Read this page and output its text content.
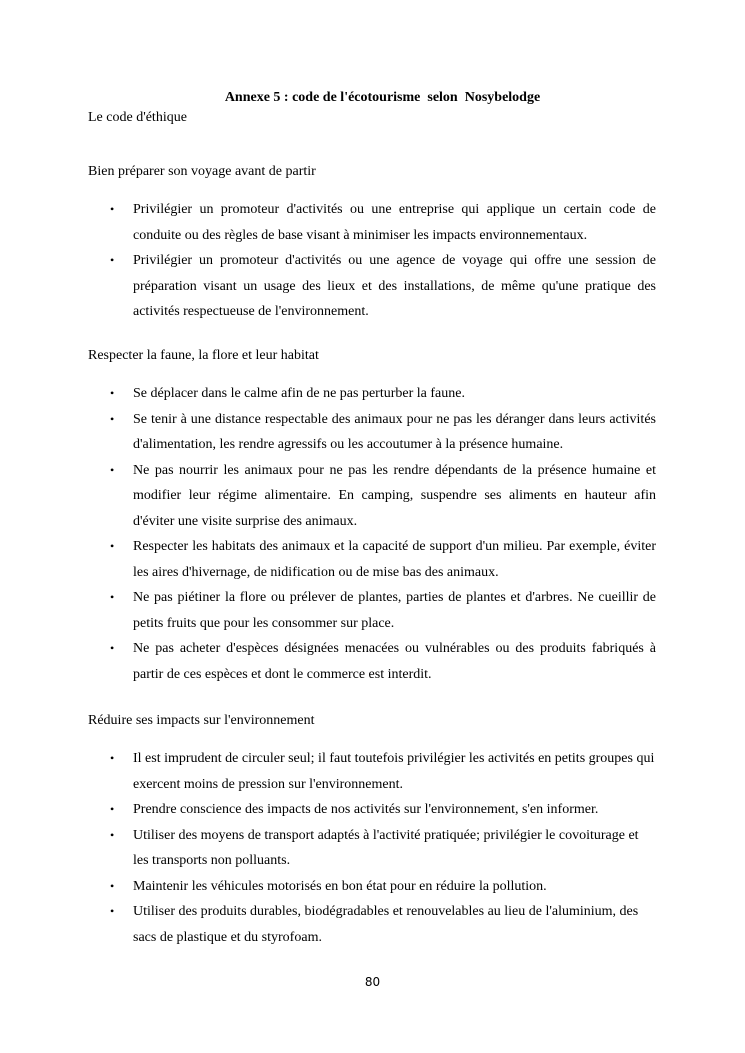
Annexe 5 : code de l'écotourisme  selon  Nosybelodge
Le code d'éthique
Bien préparer son voyage avant de partir
• Privilégier un promoteur d'activités ou une entreprise qui applique un certain code de conduite ou des règles de base visant à minimiser les impacts environnementaux.
• Privilégier un promoteur d'activités ou une agence de voyage qui offre une session de préparation visant un usage des lieux et des installations, de même qu'une pratique des activités respectueuse de l'environnement.
Respecter la faune, la flore et leur habitat
• Se déplacer dans le calme afin de ne pas perturber la faune.
• Se tenir à une distance respectable des animaux pour ne pas les déranger dans leurs activités d'alimentation, les rendre agressifs ou les accoutumer à la présence humaine.
• Ne pas nourrir les animaux pour ne pas les rendre dépendants de la présence humaine et modifier leur régime alimentaire. En camping, suspendre ses aliments en hauteur afin d'éviter une visite surprise des animaux.
• Respecter les habitats des animaux et la capacité de support d'un milieu. Par exemple, éviter les aires d'hivernage, de nidification ou de mise bas des animaux.
• Ne pas piétiner la flore ou prélever de plantes, parties de plantes et d'arbres. Ne cueillir de petits fruits que pour les consommer sur place.
• Ne pas acheter d'espèces désignées menacées ou vulnérables ou des produits fabriqués à partir de ces espèces et dont le commerce est interdit.
Réduire ses impacts sur l'environnement
• Il est imprudent de circuler seul; il faut toutefois privilégier les activités en petits groupes qui exercent moins de pression sur l'environnement.
• Prendre conscience des impacts de nos activités sur l'environnement, s'en informer.
• Utiliser des moyens de transport adaptés à l'activité pratiquée; privilégier le covoiturage et les transports non polluants.
• Maintenir les véhicules motorisés en bon état pour en réduire la pollution.
• Utiliser des produits durables, biodégradables et renouvelables au lieu de l'aluminium, des sacs de plastique et du styrofoam.
80
